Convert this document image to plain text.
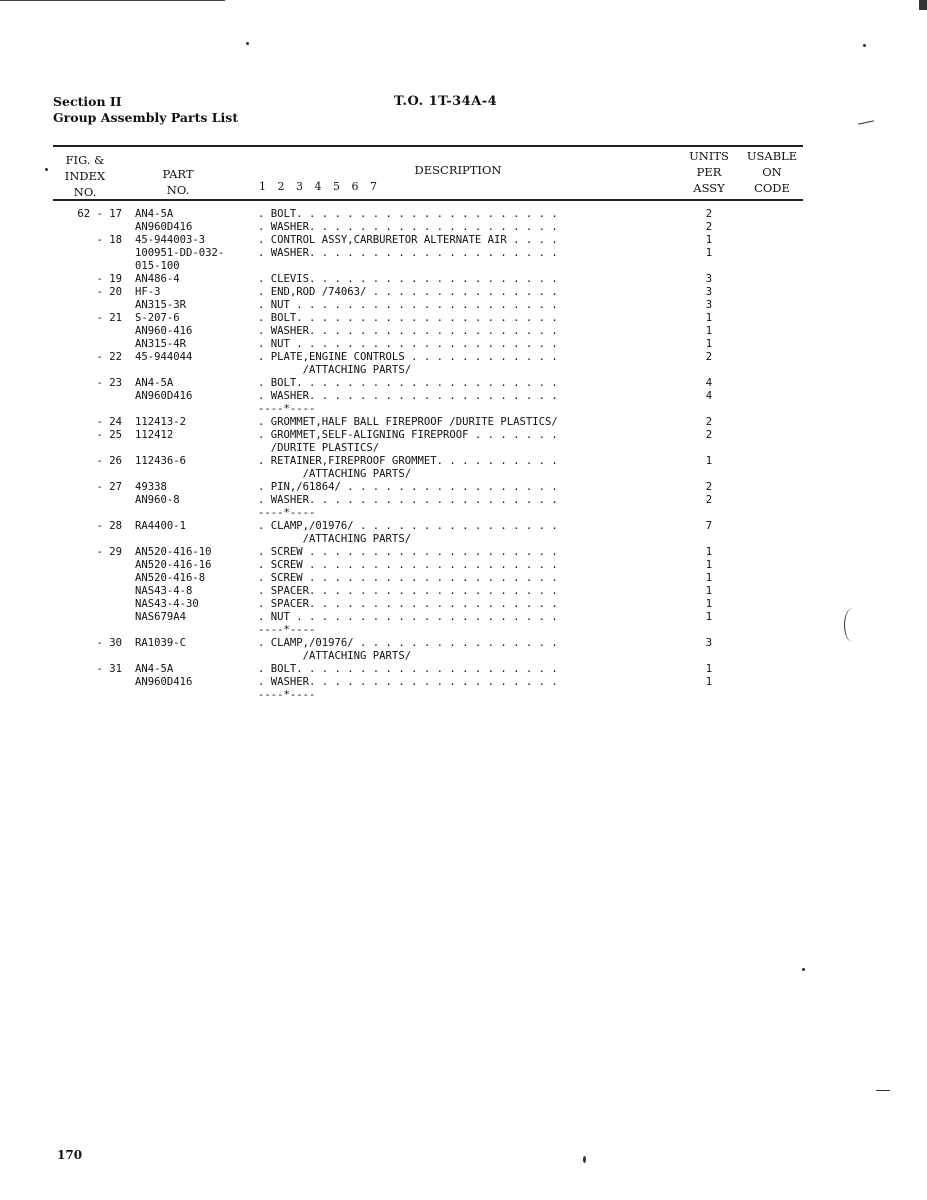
Section II
Group Assembly Parts List
T.O. 1T-34A-4
FIG. &
INDEX
NO.
PART
NO.
DESCRIPTION
1 2 3 4 5 6 7
UNITS
PER
ASSY
USABLE
ON
CODE
62 - 17 AN4-5A	. BOLT. . . . . . . . . . . . . . . . . . . . .	2
AN960D416	. WASHER. . . . . . . . . . . . . . . . . . . .	2
- 18 45-944003-3	. CONTROL ASSY,CARBURETOR ALTERNATE AIR . . . .	1
100951-DD-032-	. WASHER. . . . . . . . . . . . . . . . . . . .	1
015-100
- 19 AN486-4	. CLEVIS. . . . . . . . . . . . . . . . . . . .	3
- 20 HF-3	. END,ROD /74063/ . . . . . . . . . . . . . . .	3
AN315-3R	. NUT . . . . . . . . . . . . . . . . . . . . .	3
- 21 S-207-6	. BOLT. . . . . . . . . . . . . . . . . . . . .	1
AN960-416	. WASHER. . . . . . . . . . . . . . . . . . . .	1
AN315-4R	. NUT . . . . . . . . . . . . . . . . . . . . .	1
- 22 45-944044	. PLATE,ENGINE CONTROLS . . . . . . . . . . . .	2
/ATTACHING PARTS/
- 23 AN4-5A	. BOLT. . . . . . . . . . . . . . . . . . . . .	4
AN960D416	. WASHER. . . . . . . . . . . . . . . . . . . .	4
----*----
- 24 112413-2	. GROMMET,HALF BALL FIREPROOF /DURITE PLASTICS/	2
- 25 112412	. GROMMET,SELF-ALIGNING FIREPROOF . . . . . . .	2
/DURITE PLASTICS/
- 26 112436-6	. RETAINER,FIREPROOF GROMMET. . . . . . . . . .	1
/ATTACHING PARTS/
- 27 49338	. PIN,/61864/ . . . . . . . . . . . . . . . . .	2
AN960-8	. WASHER. . . . . . . . . . . . . . . . . . . .	2
----*----
- 28 RA4400-1	. CLAMP,/01976/ . . . . . . . . . . . . . . . .	7
/ATTACHING PARTS/
- 29 AN520-416-10	. SCREW . . . . . . . . . . . . . . . . . . . .	1
AN520-416-16	. SCREW . . . . . . . . . . . . . . . . . . . .	1
AN520-416-8	. SCREW . . . . . . . . . . . . . . . . . . . .	1
NAS43-4-8	. SPACER. . . . . . . . . . . . . . . . . . . .	1
NAS43-4-30	. SPACER. . . . . . . . . . . . . . . . . . . .	1
NAS679A4	. NUT . . . . . . . . . . . . . . . . . . . . .	1
----*----
- 30 RA1039-C	. CLAMP,/01976/ . . . . . . . . . . . . . . . .	3
/ATTACHING PARTS/
- 31 AN4-5A	. BOLT. . . . . . . . . . . . . . . . . . . . .	1
AN960D416	. WASHER. . . . . . . . . . . . . . . . . . . .	1
----*----
170
